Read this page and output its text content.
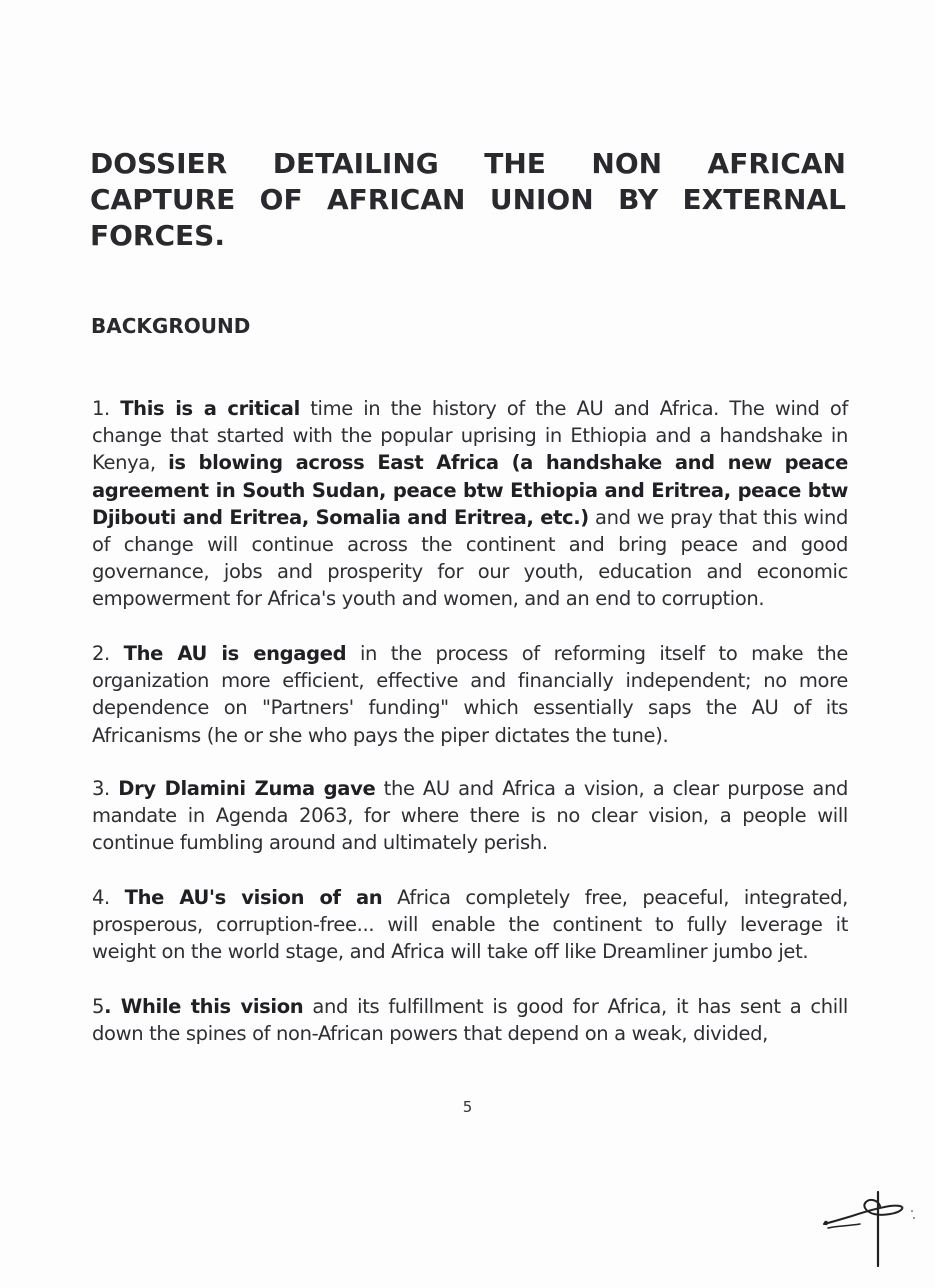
DOSSIER DETAILING THE NON AFRICAN
CAPTURE OF AFRICAN UNION BY EXTERNAL
FORCES.
BACKGROUND

1. This is a critical time in the history of the AU and Africa. The wind of change that started with the popular uprising in Ethiopia and a handshake in Kenya, is blowing across East Africa (a handshake and new peace agreement in South Sudan, peace btw Ethiopia and Eritrea, peace btw Djibouti and Eritrea, Somalia and Eritrea, etc.) and we pray that this wind of change will continue across the continent and bring peace and good governance, jobs and prosperity for our youth, education and economic empowerment for Africa's youth and women, and an end to corruption.

2. The AU is engaged in the process of reforming itself to make the organization more efficient, effective and financially independent; no more dependence on "Partners' funding" which essentially saps the AU of its Africanisms (he or she who pays the piper dictates the tune).

3. Dry Dlamini Zuma gave the AU and Africa a vision, a clear purpose and mandate in Agenda 2063, for where there is no clear vision, a people will continue fumbling around and ultimately perish.

4. The AU's vision of an Africa completely free, peaceful, integrated, prosperous, corruption-free... will enable the continent to fully leverage it weight on the world stage, and Africa will take off like Dreamliner jumbo jet.

5. While this vision and its fulfillment is good for Africa, it has sent a chill down the spines of non-African powers that depend on a weak, divided,

5
